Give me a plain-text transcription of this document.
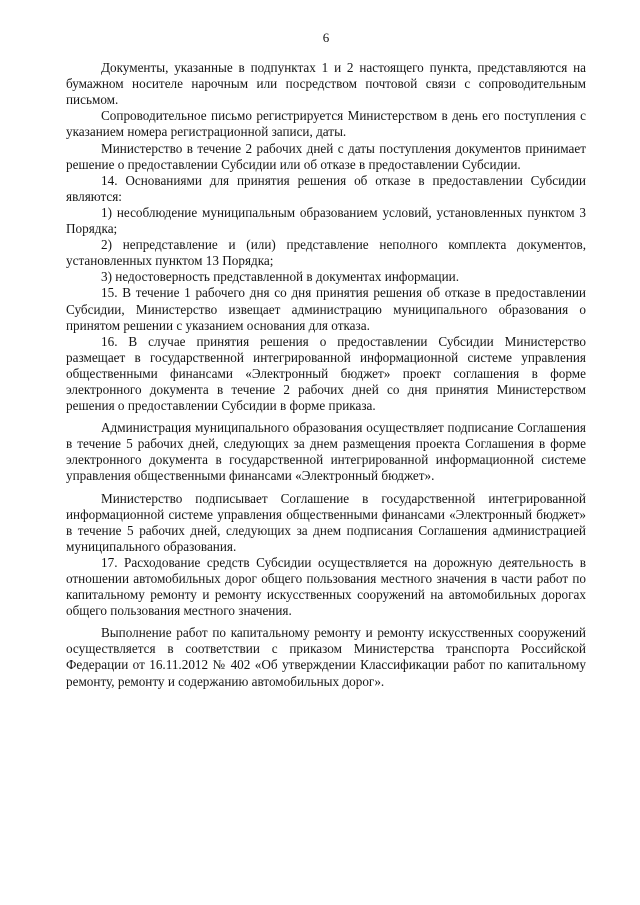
6

Документы, указанные в подпунктах 1 и 2 настоящего пункта, представляются на бумажном носителе нарочным или посредством почтовой связи с сопроводительным письмом.

Сопроводительное письмо регистрируется Министерством в день его поступления с указанием номера регистрационной записи, даты.

Министерство в течение 2 рабочих дней с даты поступления документов принимает решение о предоставлении Субсидии или об отказе в предоставлении Субсидии.

14. Основаниями для принятия решения об отказе в предоставлении Субсидии являются:

1) несоблюдение муниципальным образованием условий, установленных пунктом 3 Порядка;

2) непредставление и (или) представление неполного комплекта документов, установленных пунктом 13 Порядка;

3) недостоверность представленной в документах информации.

15. В течение 1 рабочего дня со дня принятия решения об отказе в предоставлении Субсидии, Министерство извещает администрацию муниципального образования о принятом решении с указанием основания для отказа.

16. В случае принятия решения о предоставлении Субсидии Министерство размещает в государственной интегрированной информационной системе управления общественными финансами «Электронный бюджет» проект соглашения в форме электронного документа в течение 2 рабочих дней со дня принятия Министерством решения о предоставлении Субсидии в форме приказа.

Администрация муниципального образования осуществляет подписание Соглашения в течение 5 рабочих дней, следующих за днем размещения проекта Соглашения в форме электронного документа в государственной интегрированной информационной системе управления общественными финансами «Электронный бюджет».

Министерство подписывает Соглашение в государственной интегрированной информационной системе управления общественными финансами «Электронный бюджет» в течение 5 рабочих дней, следующих за днем подписания Соглашения администрацией муниципального образования.

17. Расходование средств Субсидии осуществляется на дорожную деятельность в отношении автомобильных дорог общего пользования местного значения в части работ по капитальному ремонту и ремонту искусственных сооружений на автомобильных дорогах общего пользования местного значения.

Выполнение работ по капитальному ремонту и ремонту искусственных сооружений осуществляется в соответствии с приказом Министерства транспорта Российской Федерации от 16.11.2012 № 402 «Об утверждении Классификации работ по капитальному ремонту, ремонту и содержанию автомобильных дорог».
